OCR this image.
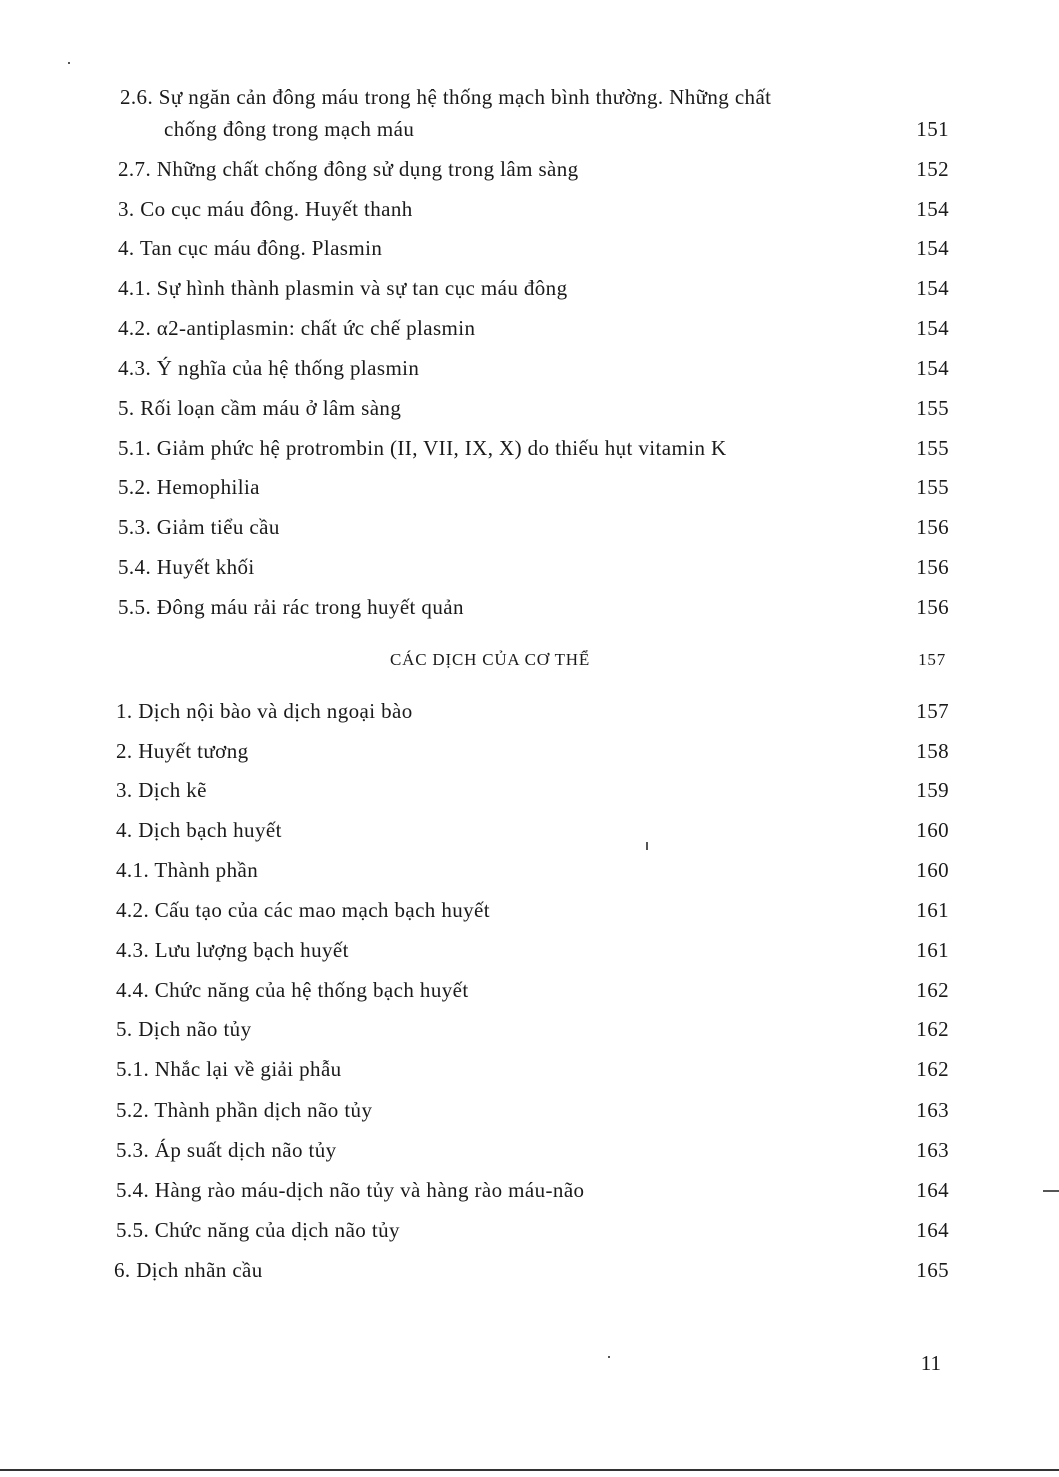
2.6. Sự ngăn cản đông máu trong hệ thống mạch bình thường. Những chất
chống đông trong mạch máu	151
2.7. Những chất chống đông sử dụng trong lâm sàng	152
3. Co cục máu đông. Huyết thanh	154
4. Tan cục máu đông. Plasmin	154
4.1. Sự hình thành plasmin và sự tan cục máu đông	154
4.2. α2-antiplasmin: chất ức chế plasmin	154
4.3. Ý nghĩa của hệ thống plasmin	154
5. Rối loạn cầm máu ở lâm sàng	155
5.1. Giảm phức hệ protrombin (II, VII, IX, X) do thiếu hụt vitamin K	155
5.2. Hemophilia	155
5.3. Giảm tiểu cầu	156
5.4. Huyết khối	156
5.5. Đông máu rải rác trong huyết quản	156
CÁC DỊCH CỦA CƠ THỂ	157
1. Dịch nội bào và dịch ngoại bào	157
2. Huyết tương	158
3. Dịch kẽ	159
4. Dịch bạch huyết	160
4.1. Thành phần	160
4.2. Cấu tạo của các mao mạch bạch huyết	161
4.3. Lưu lượng bạch huyết	161
4.4. Chức năng của hệ thống bạch huyết	162
5. Dịch não tủy	162
5.1. Nhắc lại về giải phẫu	162
5.2. Thành phần dịch não tủy	163
5.3. Áp suất dịch não tủy	163
5.4. Hàng rào máu-dịch não tủy và hàng rào máu-não	164
5.5. Chức năng của dịch não tủy	164
6. Dịch nhãn cầu	165
11
